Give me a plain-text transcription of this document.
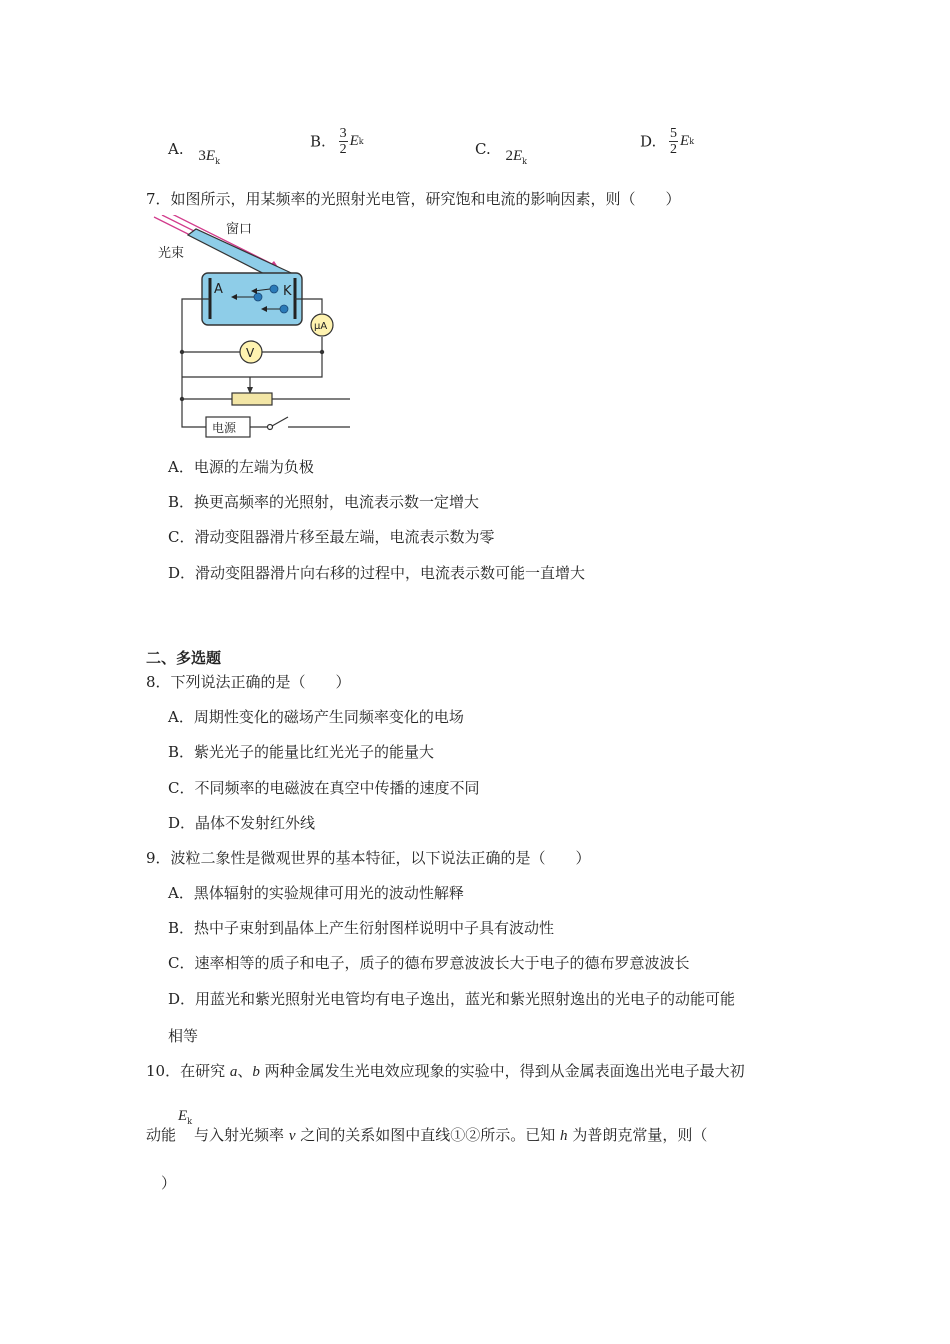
A. $3E_k$
B. $\frac{3}{2}$ Ek	C. $2E_k$
D. $\frac{5}{2}$ Ek
7．如图所示，用某频率的光照射光电管，研究饱和电流的影响因素，则（　　）
窗口
光束
A	K
μA
V
电源
A．电源的左端为负极
B．换更高频率的光照射，电流表示数一定增大
C．滑动变阻器滑片移至最左端，电流表示数为零
D．滑动变阻器滑片向右移的过程中，电流表示数可能一直增大
二、多选题
8．下列说法正确的是（　　）
A．周期性变化的磁场产生同频率变化的电场
B．紫光光子的能量比红光光子的能量大
C．不同频率的电磁波在真空中传播的速度不同
D．晶体不发射红外线
9．波粒二象性是微观世界的基本特征，以下说法正确的是（　　）
A．黑体辐射的实验规律可用光的波动性解释
B．热中子束射到晶体上产生衍射图样说明中子具有波动性
C．速率相等的质子和电子，质子的德布罗意波波长大于电子的德布罗意波波长
D．用蓝光和紫光照射光电管均有电子逸出，蓝光和紫光照射逸出的光电子的动能可能
相等
10．在研究 a、b 两种金属发生光电效应现象的实验中，得到从金属表面逸出光电子最大初
动能$E_k$与入射光频率 v 之间的关系如图中直线①②所示。已知 h 为普朗克常量，则（
　）
